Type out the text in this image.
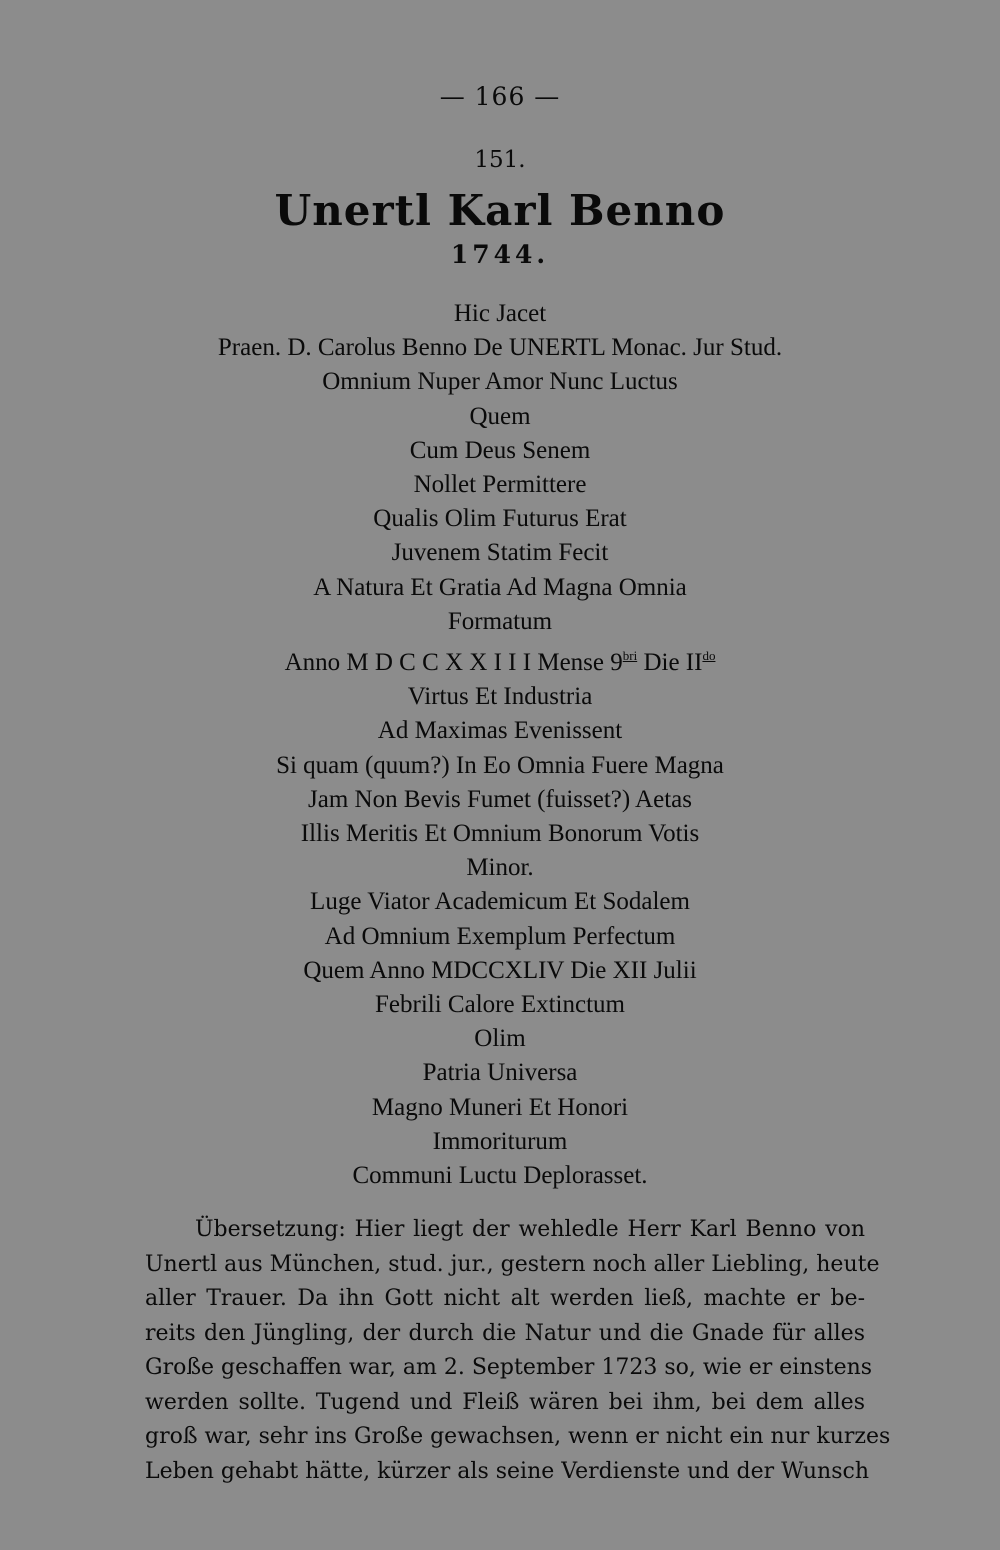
— 166 —
151.
Unertl Karl Benno
1744.
Hic Jacet
Praen. D. Carolus Benno De UNERTL Monac. Jur Stud.
Omnium Nuper Amor Nunc Luctus
Quem
Cum Deus Senem
Nollet Permittere
Qualis Olim Futurus Erat
Juvenem Statim Fecit
A Natura Et Gratia Ad Magna Omnia
Formatum
Anno M D C C X X I I I Mense $9^{bri}$ Die $II^{do}$
Virtus Et Industria
Ad Maximas Evenissent
Si quam (quum?) In Eo Omnia Fuere Magna
Jam Non Bevis Fumet (fuisset?) Aetas
Illis Meritis Et Omnium Bonorum Votis
Minor.
Luge Viator Academicum Et Sodalem
Ad Omnium Exemplum Perfectum
Quem Anno MDCCXLIV Die XII Julii
Febrili Calore Extinctum
Olim
Patria Universa
Magno Muneri Et Honori
Immoriturum
Communi Luctu Deplorasset.
Übersetzung: Hier liegt der wehledle Herr Karl Benno von
Unertl aus München, stud. jur., gestern noch aller Liebling, heute
aller Trauer. Da ihn Gott nicht alt werden ließ, machte er be-
reits den Jüngling, der durch die Natur und die Gnade für alles
Große geschaffen war, am 2. September 1723 so, wie er einstens
werden sollte. Tugend und Fleiß wären bei ihm, bei dem alles
groß war, sehr ins Große gewachsen, wenn er nicht ein nur kurzes
Leben gehabt hätte, kürzer als seine Verdienste und der Wunsch
